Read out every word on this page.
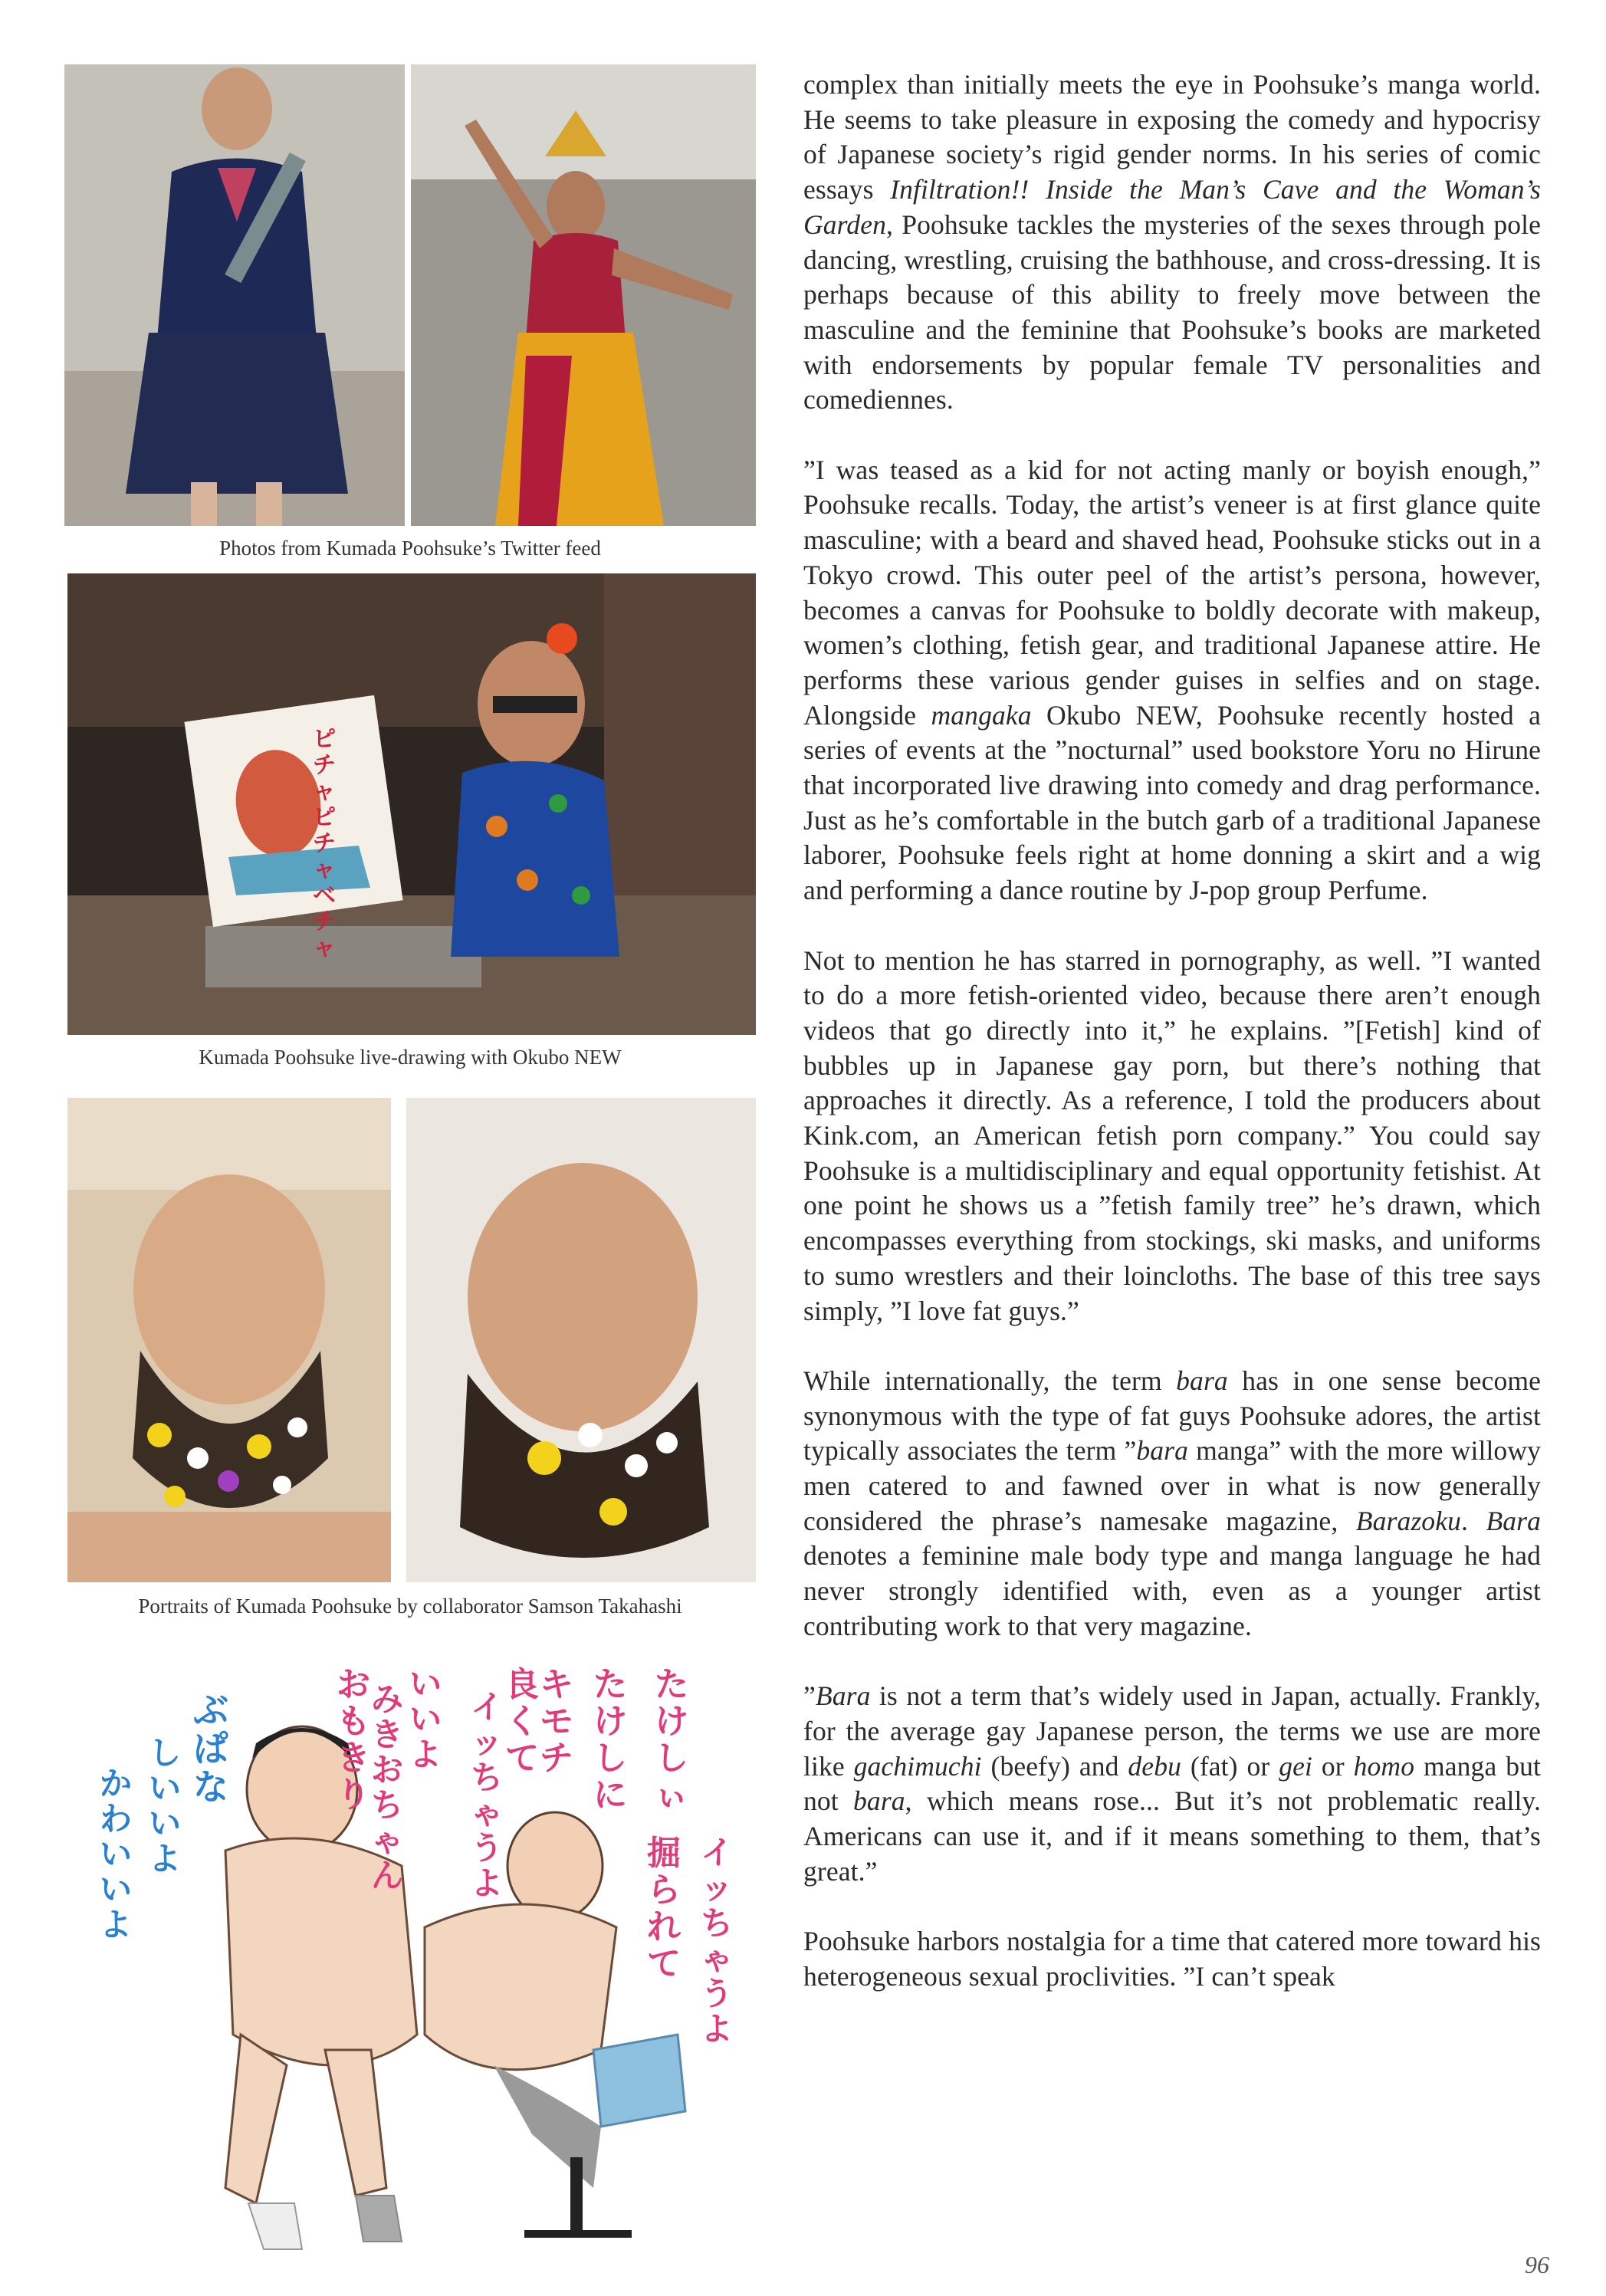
Photos from Kumada Poohsuke’s Twitter feed
ピチャ ピチャ ベチャ
Kumada Poohsuke live-drawing with Okubo NEW
Portraits of Kumada Poohsuke by collaborator Samson Takahashi
ぶぱな
しいいよ
かわいいよ
おもきり
いいよ
みきおちゃん
キモチ
良くて
イッちゃうよ
たけしに
たけしぃ
イッちゃうよ
掘られて

complex than initially meets the eye in Poohsuke’s manga world. He seems to take pleasure in exposing the comedy and hypocrisy of Japanese society’s rigid gender norms. In his series of comic essays Infiltration!! Inside the Man’s Cave and the Woman’s Garden, Poohsuke tackles the mysteries of the sexes through pole dancing, wrestling, cruising the bathhouse, and cross-dressing. It is perhaps because of this ability to freely move between the masculine and the feminine that Poohsuke’s books are marketed with endorsements by popular female TV personalities and comediennes.

”I was teased as a kid for not acting manly or boyish enough,” Poohsuke recalls. Today, the artist’s veneer is at first glance quite masculine; with a beard and shaved head, Poohsuke sticks out in a Tokyo crowd. This outer peel of the artist’s persona, however, becomes a canvas for Poohsuke to boldly decorate with makeup, women’s clothing, fetish gear, and traditional Japanese attire. He performs these various gender guises in selfies and on stage. Alongside mangaka Okubo NEW, Poohsuke recently hosted a series of events at the ”nocturnal” used bookstore Yoru no Hirune that incorporated live drawing into comedy and drag performance. Just as he’s comfortable in the butch garb of a traditional Japanese laborer, Poohsuke feels right at home donning a skirt and a wig and performing a dance routine by J-pop group Perfume.

Not to mention he has starred in pornography, as well. ”I wanted to do a more fetish-oriented video, because there aren’t enough videos that go directly into it,” he explains. ”[Fetish] kind of bubbles up in Japanese gay porn, but there’s nothing that approaches it directly. As a reference, I told the producers about Kink.com, an American fetish porn company.” You could say Poohsuke is a multidisciplinary and equal opportunity fetishist. At one point he shows us a ”fetish family tree” he’s drawn, which encompasses everything from stockings, ski masks, and uniforms to sumo wrestlers and their loincloths. The base of this tree says simply, ”I love fat guys.”

While internationally, the term bara has in one sense become synonymous with the type of fat guys Poohsuke adores, the artist typically associates the term ”bara manga” with the more willowy men catered to and fawned over in what is now generally considered the phrase’s namesake magazine, Barazoku. Bara denotes a feminine male body type and manga language he had never strongly identified with, even as a younger artist contributing work to that very magazine.

”Bara is not a term that’s widely used in Japan, actually. Frankly, for the average gay Japanese person, the terms we use are more like gachimuchi (beefy) and debu (fat) or gei or homo manga but not bara, which means rose... But it’s not problematic really. Americans can use it, and if it means something to them, that’s great.”

Poohsuke harbors nostalgia for a time that catered more toward his heterogeneous sexual proclivities. ”I can’t speak

96
